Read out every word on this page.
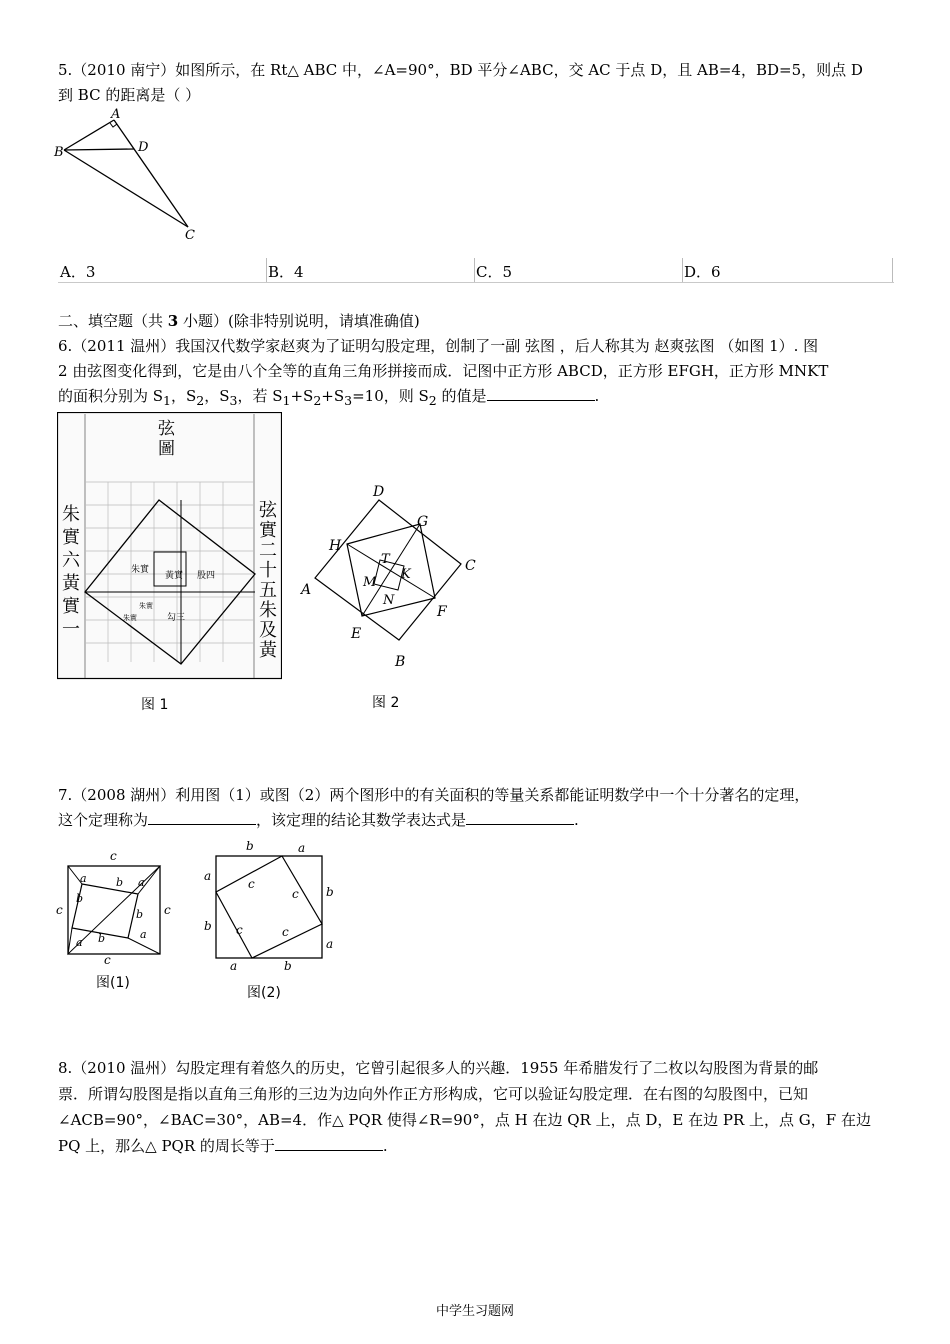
5.（2010 南宁）如图所示，在 Rt△ ABC 中，∠A=90°，BD 平分∠ABC，交 AC 于点 D，且 AB=4，BD=5，则点 D
到 BC 的距离是（ ）
A
B	D
C
A．3	B．4	C．5	D．6
二、填空题（共 3 小题）(除非特别说明，请填准确值)
6.（2011 温州）我国汉代数学家赵爽为了证明勾股定理，创制了一副 弦图 ，后人称其为 赵爽弦图 （如图 1）. 图
2 由弦图变化得到，它是由八个全等的直角三角形拼接而成．记图中正方形 ABCD，正方形 EFGH，正方形 MNKT
的面积分别为 $S_1$，$S_2$，$S_3$，若 $S_1+S_2+S_3=10$，则 $S_2$ 的值是	.
弦
圖
朱
實
六
黃
實
一
弦
實
二
十
五
朱
及
黃
朱實
黃實 股四
勾三
朱實
朱實
图 1
D
G
H
C
A
F
E
B
T
K
M
N
图 2
7.（2008 湖州）利用图（1）或图（2）两个图形中的有关面积的等量关系都能证明数学中一个十分著名的定理，
这个定理称为	，该定理的结论其数学表达式是	.
c
c	c
c
a	b a
b
b
a
a b
图(1)
b	a
a
b
b
a
a	b
c
c
c	c
图(2)
8.（2010 温州）勾股定理有着悠久的历史，它曾引起很多人的兴趣．1955 年希腊发行了二枚以勾股图为背景的邮
票．所谓勾股图是指以直角三角形的三边为边向外作正方形构成，它可以验证勾股定理．在右图的勾股图中，已知
∠ACB=90°，∠BAC=30°，AB=4．作△ PQR 使得∠R=90°，点 H 在边 QR 上，点 D，E 在边 PR 上，点 G，F 在边
PQ 上，那么△ PQR 的周长等于	.
中学生习题网
